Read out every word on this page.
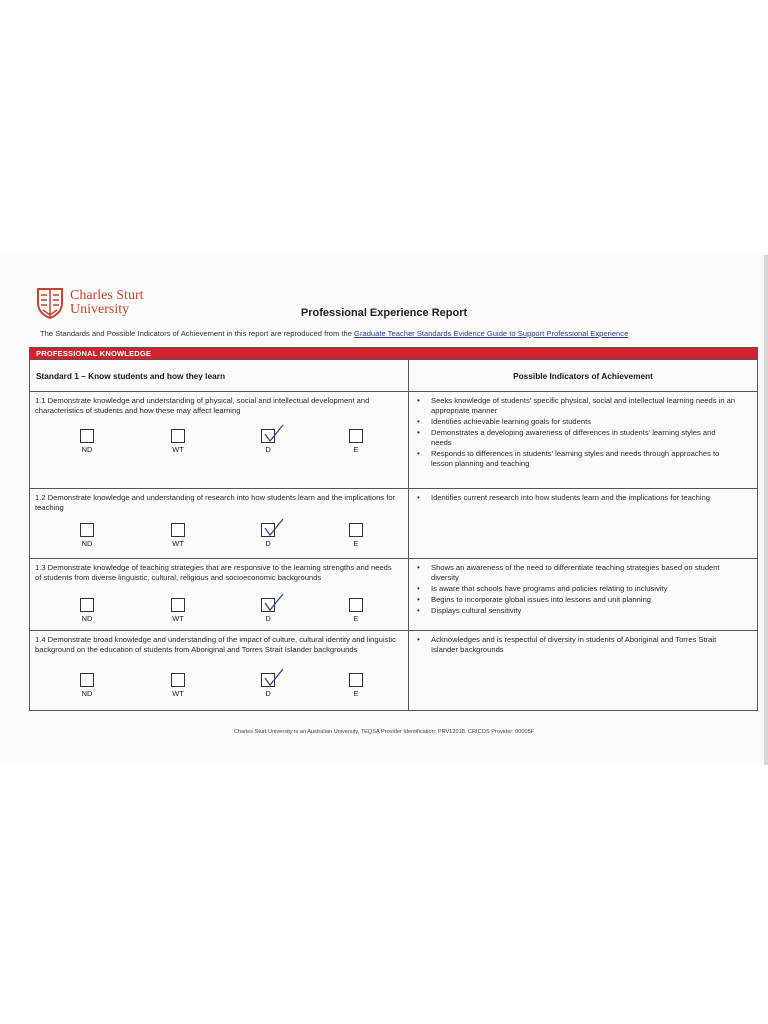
Charles Sturt
University	Professional Experience Report
The Standards and Possible Indicators of Achievement in this report are reproduced from the Graduate Teacher Standards Evidence Guide to Support Professional Experience
PROFESSIONAL KNOWLEDGE
Standard 1 – Know students and how they learn	Possible Indicators of Achievement
1.1 Demonstrate knowledge and understanding of physical, social and intellectual development and characteristics of students and how these may affect learning
ND	WT	D	E
• Seeks knowledge of students' specific physical, social and intellectual learning needs in an appropriate manner
• Identifies achievable learning goals for students
• Demonstrates a developing awareness of differences in students' learning styles and needs
• Responds to differences in students' learning styles and needs through approaches to lesson planning and teaching
1.2 Demonstrate knowledge and understanding of research into how students learn and the implications for teaching
ND	WT	D	E
• Identifies current research into how students learn and the implications for teaching
1.3 Demonstrate knowledge of teaching strategies that are responsive to the learning strengths and needs of students from diverse linguistic, cultural, religious and socioeconomic backgrounds
ND	WT	D	E
• Shows an awareness of the need to differentiate teaching strategies based on student diversity
• Is aware that schools have programs and policies relating to inclusivity
• Begins to incorporate global issues into lessons and unit planning
• Displays cultural sensitivity
1.4 Demonstrate broad knowledge and understanding of the impact of culture, cultural identity and linguistic background on the education of students from Aboriginal and Torres Strait Islander backgrounds
ND	WT	D	E
• Acknowledges and is respectful of diversity in students of Aboriginal and Torres Strait Islander backgrounds
Charles Sturt University is an Australian University, TEQSA Provider Identification: PRV12018. CRICOS Provider: 00005F
